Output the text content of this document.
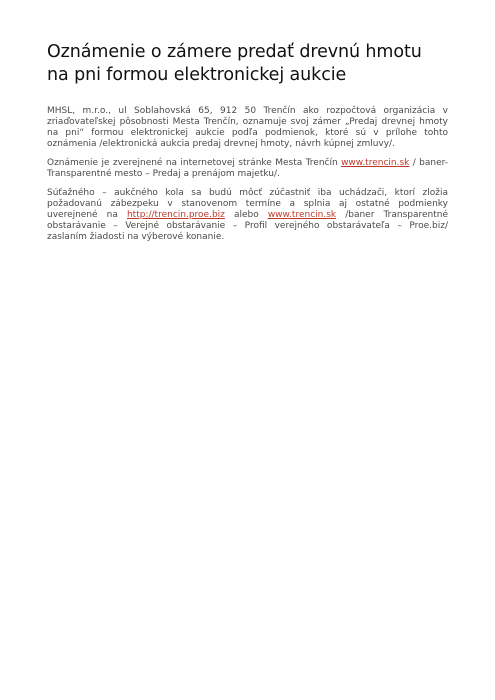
Oznámenie o zámere predať drevnú hmotu na pni formou elektronickej aukcie

MHSL, m.r.o., ul Soblahovská 65, 912 50 Trenčín ako rozpočtová organizácia v zriaďovateľskej pôsobnosti Mesta Trenčín, oznamuje svoj zámer „Predaj drevnej hmoty na pni“ formou elektronickej aukcie podľa podmienok, ktoré sú v prílohe tohto oznámenia /elektronická aukcia predaj drevnej hmoty, návrh kúpnej zmluvy/.

Oznámenie je zverejnené na internetovej stránke Mesta Trenčín www.trencin.sk / baner- Transparentné mesto – Predaj a prenájom majetku/.

Súťažného – aukčného kola sa budú môcť zúčastniť iba uchádzači, ktorí zložia požadovanú zábezpeku v stanovenom termíne a splnia aj ostatné podmienky uverejnené na http://trencin.proe.biz alebo www.trencin.sk /baner Transparentné obstarávanie – Verejné obstarávanie – Profil verejného obstarávateľa – Proe.biz/ zaslaním žiadosti na výberové konanie.
